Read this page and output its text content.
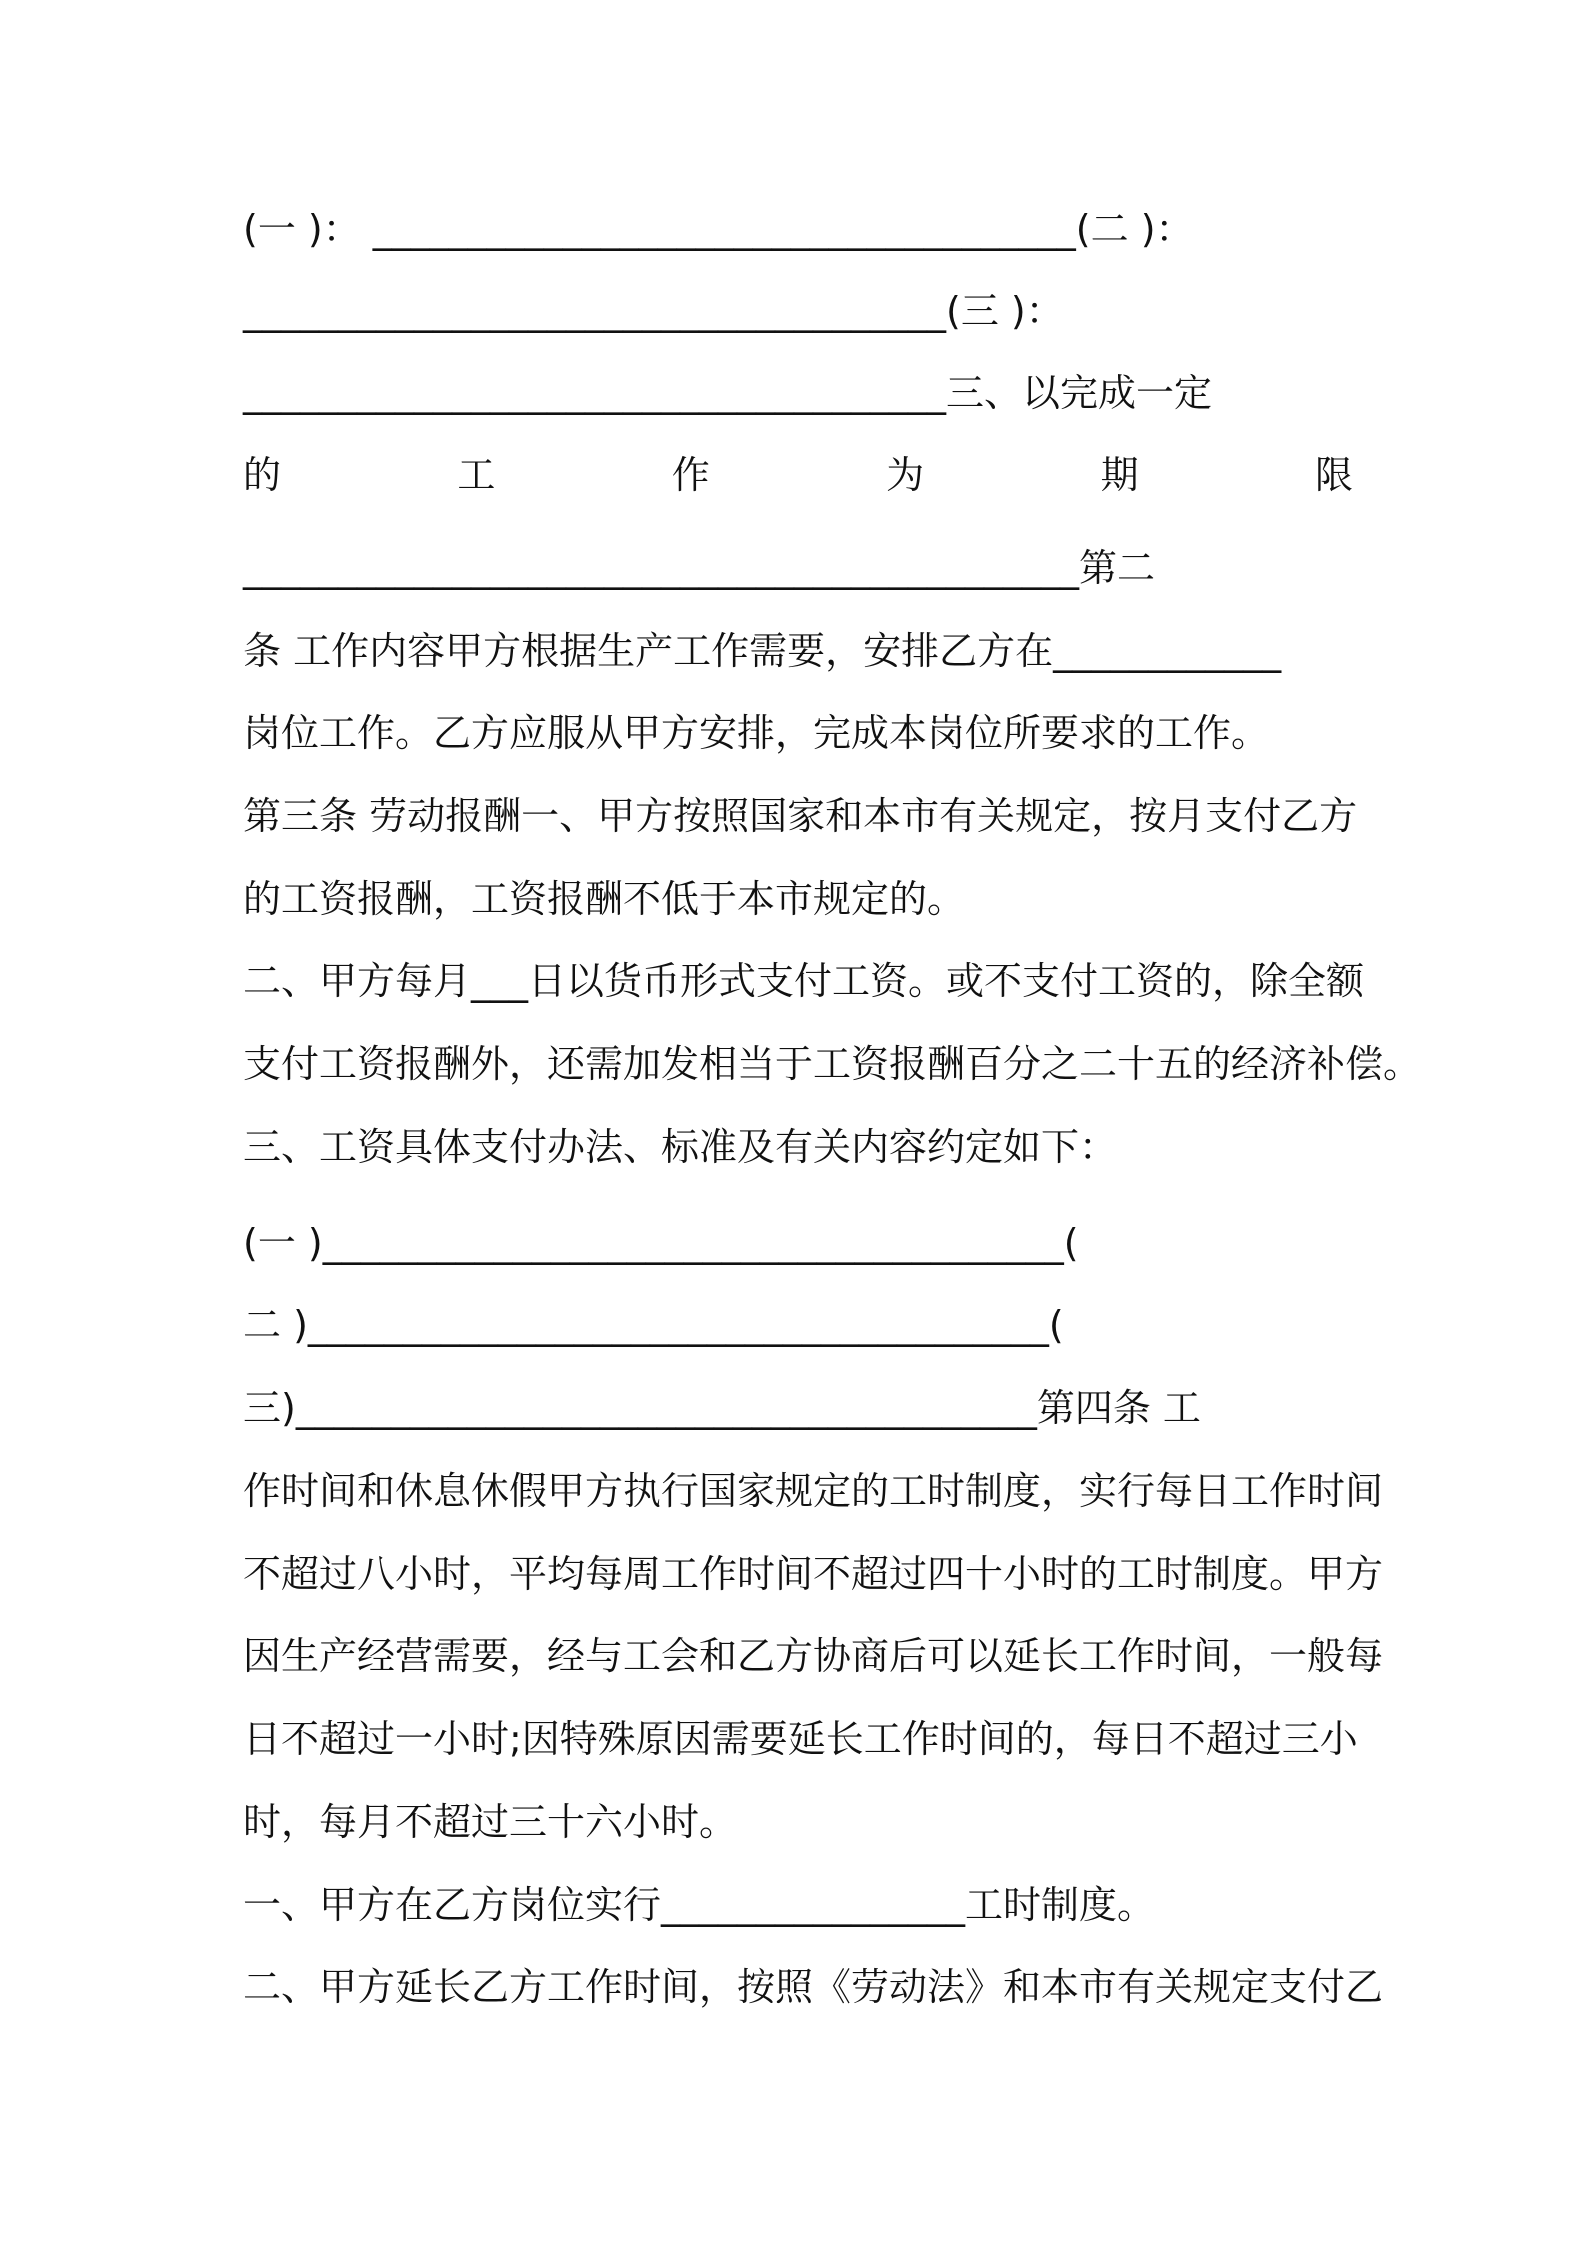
(一 )： _____________________________________(二 )：
_____________________________________(三 )：
_____________________________________三、以完成一定
的	工	作	为	期	限
____________________________________________第二
条 工作内容甲方根据生产工作需要，安排乙方在____________
岗位工作。乙方应服从甲方安排，完成本岗位所要求的工作。
第三条 劳动报酬一、甲方按照国家和本市有关规定，按月支付乙方
的工资报酬，工资报酬不低于本市规定的。
二、甲方每月___日以货币形式支付工资。或不支付工资的，除全额
支付工资报酬外，还需加发相当于工资报酬百分之二十五的经济补偿。
三、工资具体支付办法、标准及有关内容约定如下：
(一 )_______________________________________(
二 )_______________________________________(
三)_______________________________________第四条 工
作时间和休息休假甲方执行国家规定的工时制度，实行每日工作时间
不超过八小时，平均每周工作时间不超过四十小时的工时制度。甲方
因生产经营需要，经与工会和乙方协商后可以延长工作时间，一般每
日不超过一小时;因特殊原因需要延长工作时间的，每日不超过三小
时，每月不超过三十六小时。
一、甲方在乙方岗位实行________________工时制度。
二、甲方延长乙方工作时间，按照《劳动法》和本市有关规定支付乙
